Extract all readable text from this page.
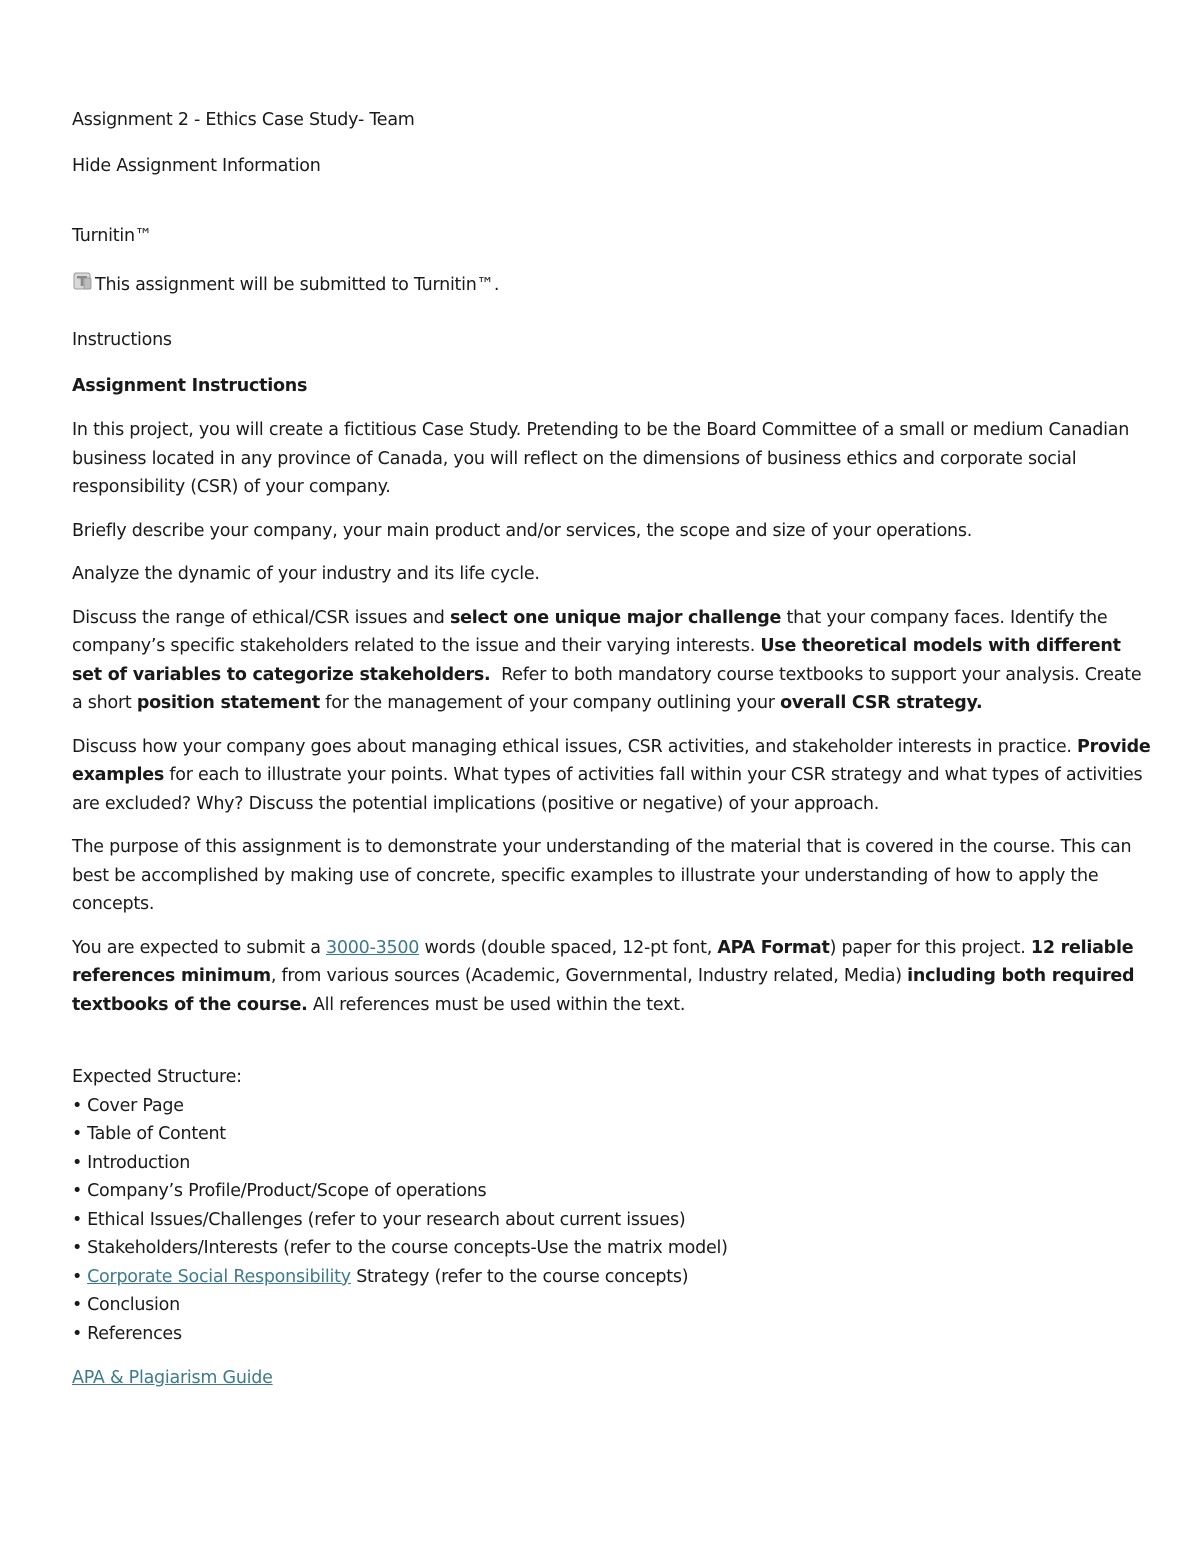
Assignment 2 - Ethics Case Study- Team

Hide Assignment Information

Turnitin™

This assignment will be submitted to Turnitin™.

Instructions

Assignment Instructions

In this project, you will create a fictitious Case Study. Pretending to be the Board Committee of a small or medium Canadian business located in any province of Canada, you will reflect on the dimensions of business ethics and corporate social responsibility (CSR) of your company.

Briefly describe your company, your main product and/or services, the scope and size of your operations.

Analyze the dynamic of your industry and its life cycle.

Discuss the range of ethical/CSR issues and select one unique major challenge that your company faces. Identify the company’s specific stakeholders related to the issue and their varying interests. Use theoretical models with different set of variables to categorize stakeholders.  Refer to both mandatory course textbooks to support your analysis. Create a short position statement for the management of your company outlining your overall CSR strategy.

Discuss how your company goes about managing ethical issues, CSR activities, and stakeholder interests in practice. Provide examples for each to illustrate your points. What types of activities fall within your CSR strategy and what types of activities are excluded? Why? Discuss the potential implications (positive or negative) of your approach.

The purpose of this assignment is to demonstrate your understanding of the material that is covered in the course. This can best be accomplished by making use of concrete, specific examples to illustrate your understanding of how to apply the concepts.

You are expected to submit a 3000-3500 words (double spaced, 12-pt font, APA Format) paper for this project. 12 reliable references minimum, from various sources (Academic, Governmental, Industry related, Media) including both required textbooks of the course. All references must be used within the text.

Expected Structure:

• Cover Page
• Table of Content
• Introduction
• Company’s Profile/Product/Scope of operations
• Ethical Issues/Challenges (refer to your research about current issues)
• Stakeholders/Interests (refer to the course concepts-Use the matrix model)
• Corporate Social Responsibility Strategy (refer to the course concepts)
• Conclusion
• References

APA & Plagiarism Guide
